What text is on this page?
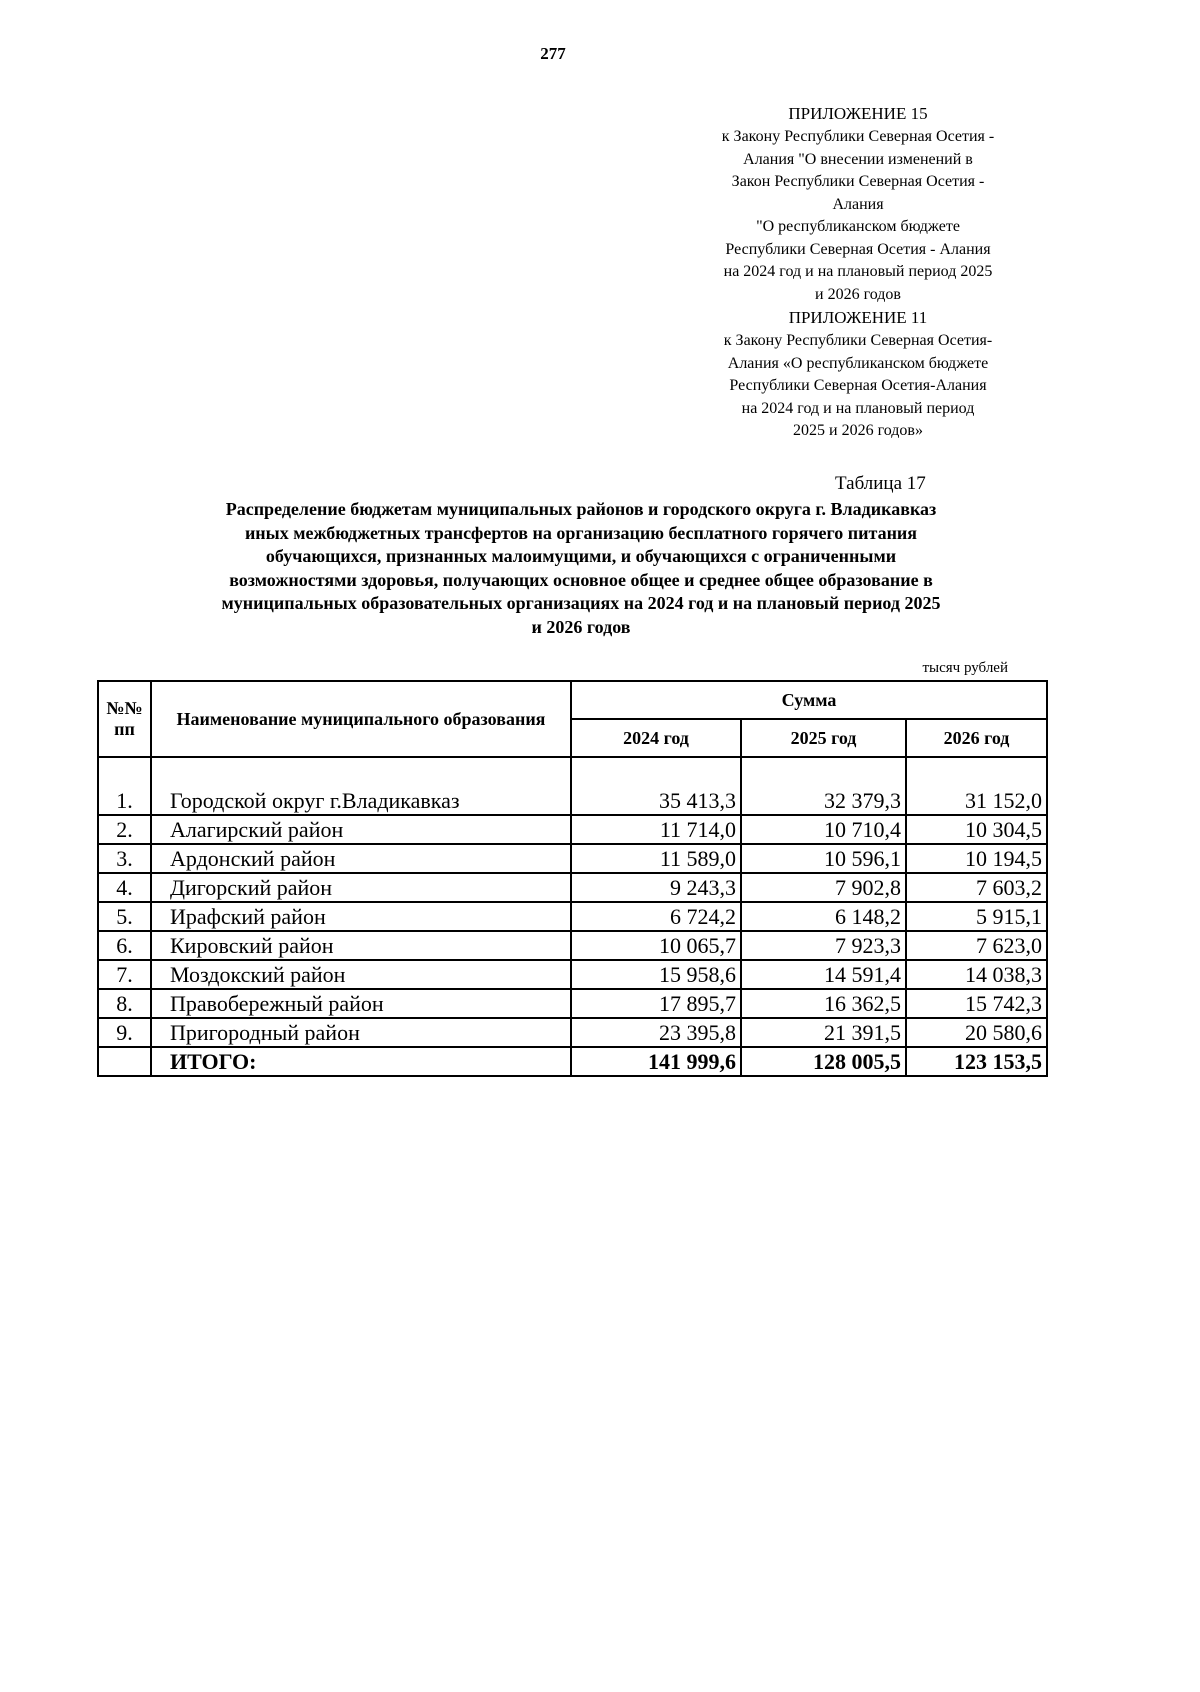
277
ПРИЛОЖЕНИЕ 15
к Закону Республики Северная Осетия -
Алания "О внесении изменений в
Закон Республики Северная Осетия -
Алания
"О республиканском бюджете
Республики Северная Осетия - Алания
на 2024 год и на плановый период 2025
и 2026 годов
ПРИЛОЖЕНИЕ 11
к Закону Республики Северная Осетия-
Алания «О республиканском бюджете
Республики Северная Осетия-Алания
на 2024 год и на плановый период
2025 и 2026 годов»
Таблица 17
Распределение бюджетам муниципальных районов и городского округа г. Владикавказ
иных межбюджетных трансфертов на организацию бесплатного горячего питания
обучающихся, признанных малоимущими, и обучающихся с ограниченными
возможностями здоровья, получающих основное общее и среднее общее образование в
муниципальных образовательных организациях на 2024 год и на плановый период 2025
и 2026 годов
тысяч рублей
№№ пп	Наименование муниципального образования	Сумма		
		2024 год	2025 год	2026 год
1.	Городской округ г.Владикавказ	35 413,3	32 379,3	31 152,0
2.	Алагирский район	11 714,0	10 710,4	10 304,5
3.	Ардонский район	11 589,0	10 596,1	10 194,5
4.	Дигорский район	9 243,3	7 902,8	7 603,2
5.	Ирафский район	6 724,2	6 148,2	5 915,1
6.	Кировский район	10 065,7	7 923,3	7 623,0
7.	Моздокский район	15 958,6	14 591,4	14 038,3
8.	Правобережный район	17 895,7	16 362,5	15 742,3
9.	Пригородный район	23 395,8	21 391,5	20 580,6
	ИТОГО:	141 999,6	128 005,5	123 153,5
